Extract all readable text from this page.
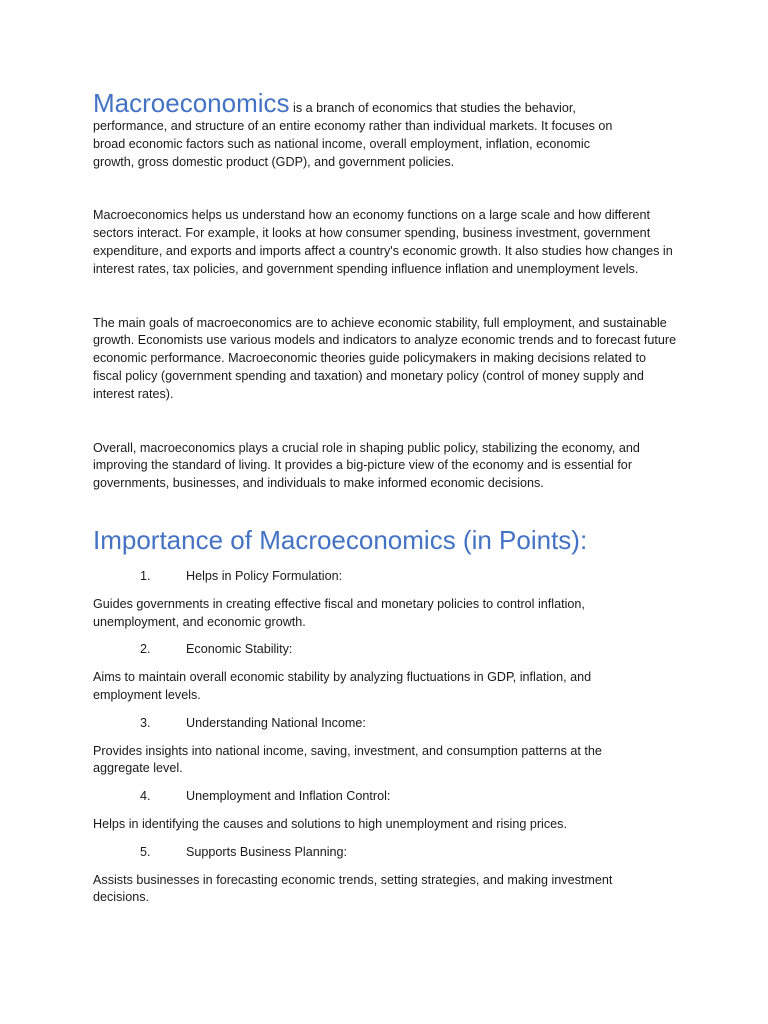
Macroeconomics is a branch of economics that studies the behavior, performance, and structure of an entire economy rather than individual markets. It focuses on broad economic factors such as national income, overall employment, inflation, economic growth, gross domestic product (GDP), and government policies.

Macroeconomics helps us understand how an economy functions on a large scale and how different sectors interact. For example, it looks at how consumer spending, business investment, government expenditure, and exports and imports affect a country's economic growth. It also studies how changes in interest rates, tax policies, and government spending influence inflation and unemployment levels.

The main goals of macroeconomics are to achieve economic stability, full employment, and sustainable growth. Economists use various models and indicators to analyze economic trends and to forecast future economic performance. Macroeconomic theories guide policymakers in making decisions related to fiscal policy (government spending and taxation) and monetary policy (control of money supply and interest rates).

Overall, macroeconomics plays a crucial role in shaping public policy, stabilizing the economy, and improving the standard of living. It provides a big-picture view of the economy and is essential for governments, businesses, and individuals to make informed economic decisions.

Importance of Macroeconomics (in Points):
1.	Helps in Policy Formulation:

Guides governments in creating effective fiscal and monetary policies to control inflation, unemployment, and economic growth.

2.	Economic Stability:

Aims to maintain overall economic stability by analyzing fluctuations in GDP, inflation, and employment levels.

3.	Understanding National Income:

Provides insights into national income, saving, investment, and consumption patterns at the aggregate level.

4.	Unemployment and Inflation Control:

Helps in identifying the causes and solutions to high unemployment and rising prices.

5.	Supports Business Planning:

Assists businesses in forecasting economic trends, setting strategies, and making investment decisions.
